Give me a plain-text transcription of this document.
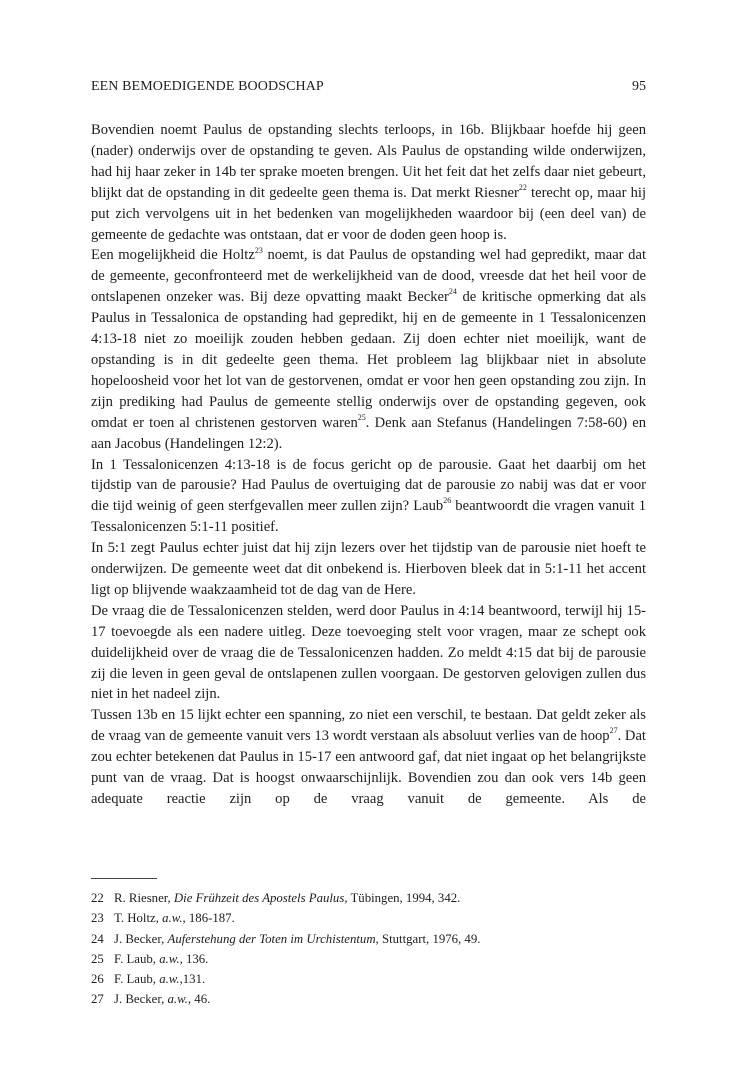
EEN BEMOEDIGENDE BOODSCHAP	95

Bovendien noemt Paulus de opstanding slechts terloops, in 16b. Blijkbaar hoefde hij geen (nader) onderwijs over de opstanding te geven. Als Paulus de opstanding wilde onderwijzen, had hij haar zeker in 14b ter sprake moeten brengen. Uit het feit dat het zelfs daar niet gebeurt, blijkt dat de opstanding in dit gedeelte geen thema is. Dat merkt Riesner$^{22}$ terecht op, maar hij put zich vervolgens uit in het bedenken van mogelijkheden waardoor bij (een deel van) de gemeente de gedachte was ontstaan, dat er voor de doden geen hoop is.

Een mogelijkheid die Holtz$^{23}$ noemt, is dat Paulus de opstanding wel had gepredikt, maar dat de gemeente, geconfronteerd met de werkelijkheid van de dood, vreesde dat het heil voor de ontslapenen onzeker was. Bij deze opvatting maakt Becker$^{24}$ de kritische opmerking dat als Paulus in Tessalonica de opstanding had gepredikt, hij en de gemeente in 1 Tessalonicenzen 4:13-18 niet zo moeilijk zouden hebben gedaan. Zij doen echter niet moeilijk, want de opstanding is in dit gedeelte geen thema. Het probleem lag blijkbaar niet in absolute hopeloosheid voor het lot van de gestorvenen, omdat er voor hen geen opstanding zou zijn. In zijn prediking had Paulus de gemeente stellig onderwijs over de opstanding gegeven, ook omdat er toen al christenen gestorven waren$^{25}$. Denk aan Stefanus (Handelingen 7:58-60) en aan Jacobus (Handelingen 12:2).

In 1 Tessalonicenzen 4:13-18 is de focus gericht op de parousie. Gaat het daarbij om het tijdstip van de parousie? Had Paulus de overtuiging dat de parousie zo nabij was dat er voor die tijd weinig of geen sterfgevallen meer zullen zijn? Laub$^{26}$ beantwoordt die vragen vanuit 1 Tessalonicenzen 5:1-11 positief.

In 5:1 zegt Paulus echter juist dat hij zijn lezers over het tijdstip van de parousie niet hoeft te onderwijzen. De gemeente weet dat dit onbekend is. Hierboven bleek dat in 5:1-11 het accent ligt op blijvende waakzaamheid tot de dag van de Here.

De vraag die de Tessalonicenzen stelden, werd door Paulus in 4:14 beantwoord, terwijl hij 15-17 toevoegde als een nadere uitleg. Deze toevoeging stelt voor vragen, maar ze schept ook duidelijkheid over de vraag die de Tessalonicenzen hadden. Zo meldt 4:15 dat bij de parousie zij die leven in geen geval de ontslapenen zullen voorgaan. De gestorven gelovigen zullen dus niet in het nadeel zijn.

Tussen 13b en 15 lijkt echter een spanning, zo niet een verschil, te bestaan. Dat geldt zeker als de vraag van de gemeente vanuit vers 13 wordt verstaan als absoluut verlies van de hoop$^{27}$. Dat zou echter betekenen dat Paulus in 15-17 een antwoord gaf, dat niet ingaat op het belangrijkste punt van de vraag. Dat is hoogst onwaarschijnlijk. Bovendien zou dan ook vers 14b geen adequate reactie zijn op de vraag vanuit de gemeente. Als de

22 R. Riesner, Die Frühzeit des Apostels Paulus, Tübingen, 1994, 342.
23 T. Holtz, a.w., 186-187.
24 J. Becker, Auferstehung der Toten im Urchistentum, Stuttgart, 1976, 49.
25 F. Laub, a.w., 136.
26 F. Laub, a.w.,131.
27 J. Becker, a.w., 46.
